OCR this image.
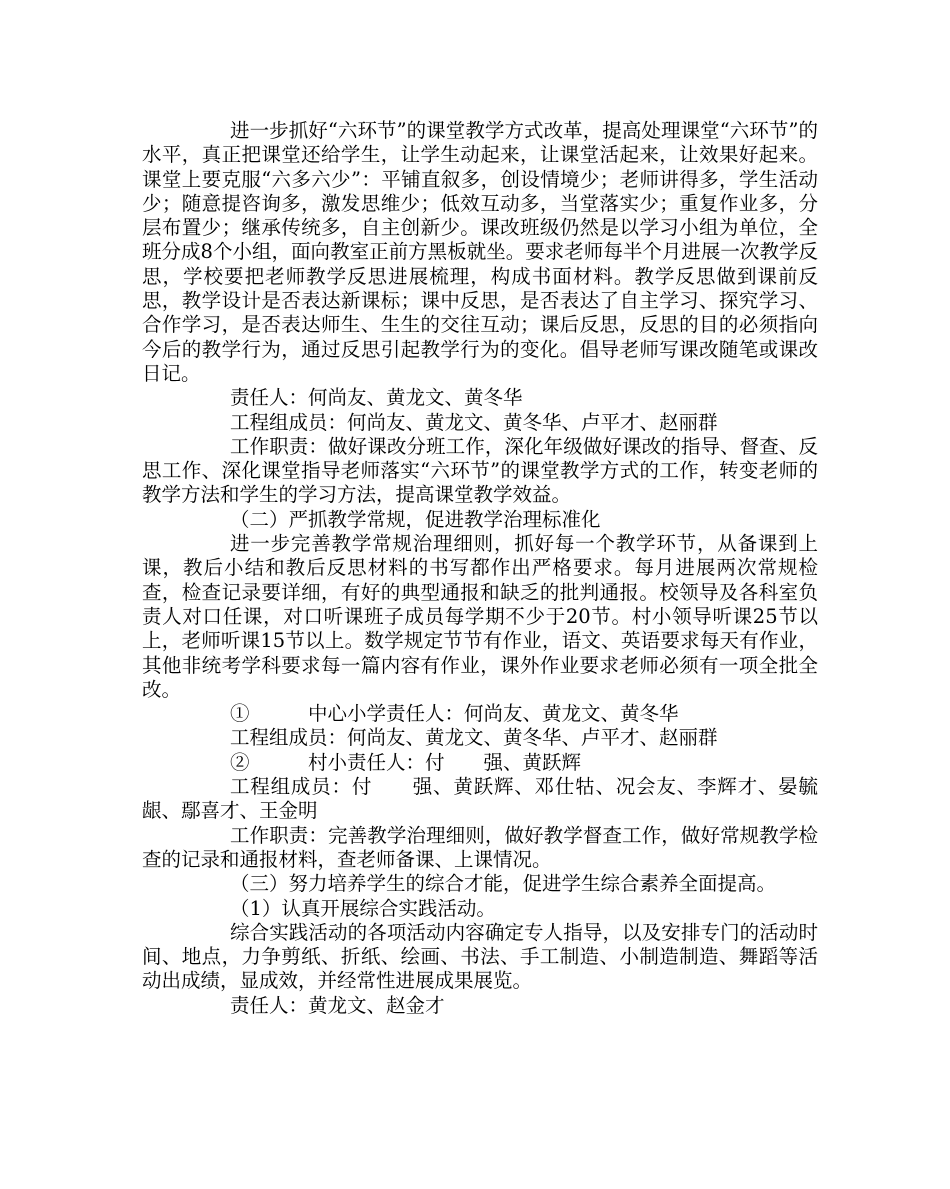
进一步抓好“六环节”的课堂教学方式改革，提高处理课堂“六环节”的水平，真正把课堂还给学生，让学生动起来，让课堂活起来，让效果好起来。课堂上要克服“六多六少”：平铺直叙多，创设情境少；老师讲得多，学生活动少；随意提咨询多，激发思维少；低效互动多，当堂落实少；重复作业多，分层布置少；继承传统多，自主创新少。课改班级仍然是以学习小组为单位，全班分成8个小组，面向教室正前方黑板就坐。要求老师每半个月进展一次教学反思，学校要把老师教学反思进展梳理，构成书面材料。教学反思做到课前反思，教学设计是否表达新课标；课中反思，是否表达了自主学习、探究学习、合作学习，是否表达师生、生生的交往互动；课后反思，反思的目的必须指向今后的教学行为，通过反思引起教学行为的变化。倡导老师写课改随笔或课改日记。

责任人：何尚友、黄龙文、黄冬华

工程组成员：何尚友、黄龙文、黄冬华、卢平才、赵丽群

工作职责：做好课改分班工作，深化年级做好课改的指导、督查、反思工作、深化课堂指导老师落实“六环节”的课堂教学方式的工作，转变老师的教学方法和学生的学习方法，提高课堂教学效益。

（二）严抓教学常规，促进教学治理标准化

进一步完善教学常规治理细则，抓好每一个教学环节，从备课到上课，教后小结和教后反思材料的书写都作出严格要求。每月进展两次常规检查，检查记录要详细，有好的典型通报和缺乏的批判通报。校领导及各科室负责人对口任课，对口听课班子成员每学期不少于20节。村小领导听课25节以上，老师听课15节以上。数学规定节节有作业，语文、英语要求每天有作业，其他非统考学科要求每一篇内容有作业，课外作业要求老师必须有一项全批全改。

①　　　中心小学责任人：何尚友、黄龙文、黄冬华

工程组成员：何尚友、黄龙文、黄冬华、卢平才、赵丽群

②　　　村小责任人：付　　强、黄跃辉

工程组成员：付　　强、黄跃辉、邓仕牯、况会友、李辉才、晏毓龈、鄢喜才、王金明

工作职责：完善教学治理细则，做好教学督查工作，做好常规教学检查的记录和通报材料，查老师备课、上课情况。

（三）努力培养学生的综合才能，促进学生综合素养全面提高。

（1）认真开展综合实践活动。

综合实践活动的各项活动内容确定专人指导，以及安排专门的活动时间、地点，力争剪纸、折纸、绘画、书法、手工制造、小制造制造、舞蹈等活动出成绩，显成效，并经常性进展成果展览。

责任人：黄龙文、赵金才
